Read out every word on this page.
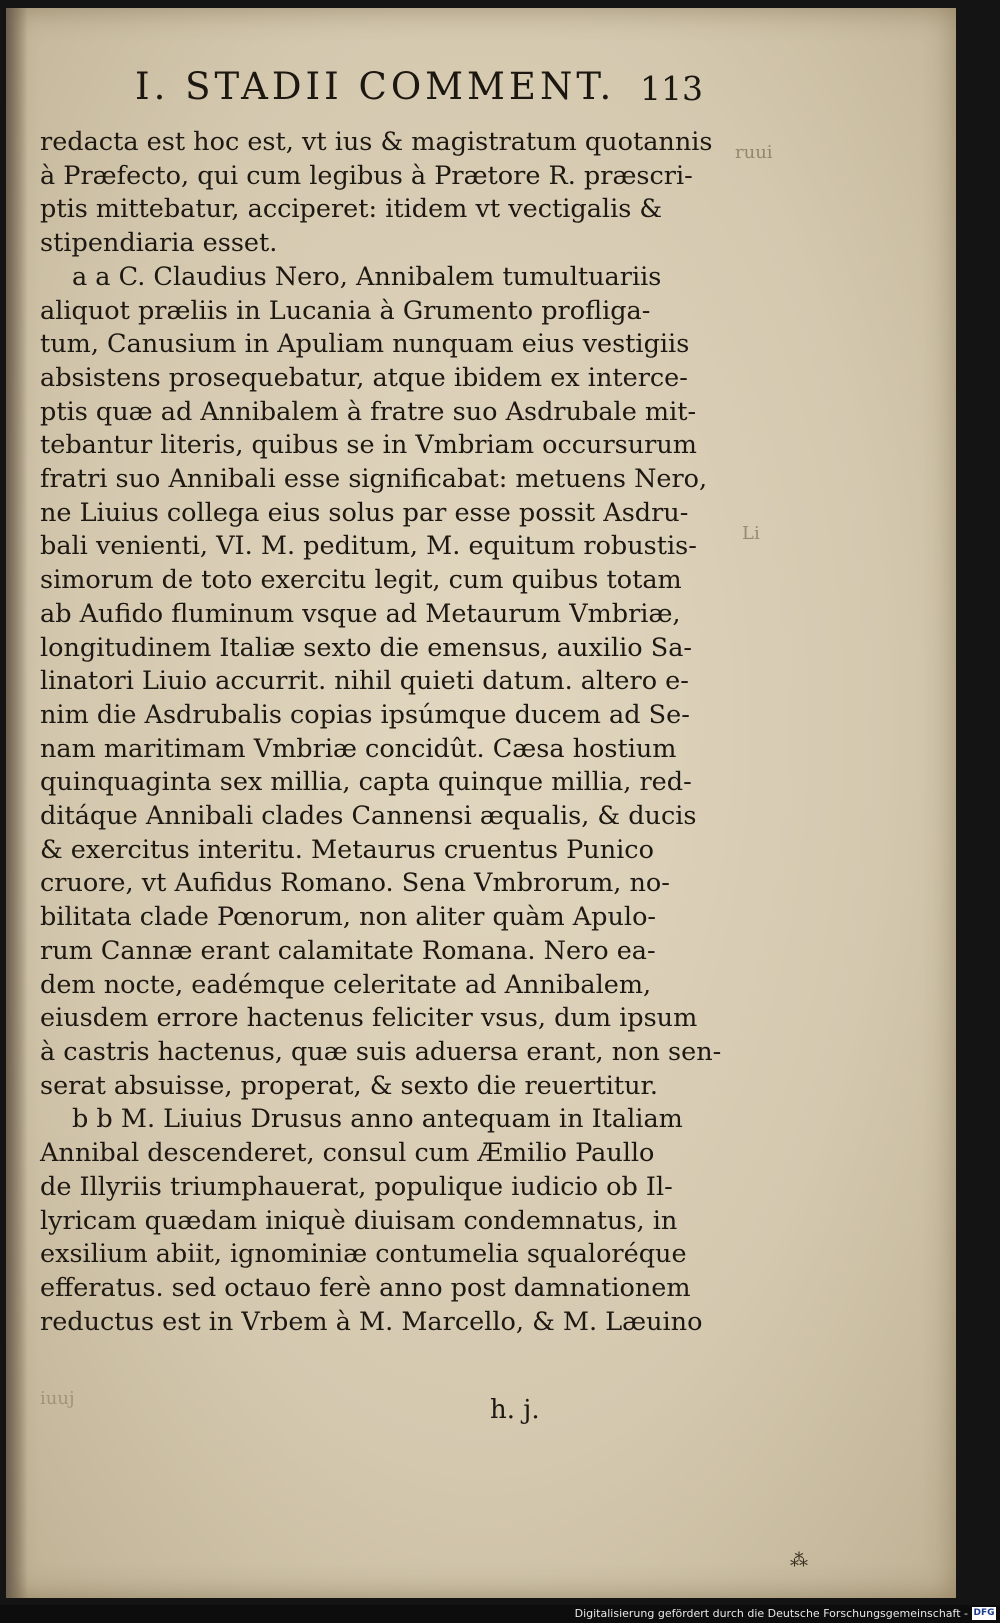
I. STADII COMMENT. 113
redacta est hoc est, vt ius & magistratum quotannis
à Præfecto, qui cum legibus à Prætore R. præscri-
ptis mittebatur, acciperet: itidem vt vectigalis &
stipendiaria esset.
a a C. Claudius Nero, Annibalem tumultuariis
aliquot præliis in Lucania à Grumento profliga-
tum, Canusium in Apuliam nunquam eius vestigiis
absistens prosequebatur, atque ibidem ex interce-
ptis quæ ad Annibalem à fratre suo Asdrubale mit-
tebantur literis, quibus se in Vmbriam occursurum
fratri suo Annibali esse significabat: metuens Nero,
ne Liuius collega eius solus par esse possit Asdru-
bali venienti, VI. M. peditum, M. equitum robustis-
simorum de toto exercitu legit, cum quibus totam
ab Aufido fluminum vsque ad Metaurum Vmbriæ,
longitudinem Italiæ sexto die emensus, auxilio Sa-
linatori Liuio accurrit. nihil quieti datum. altero e-
nim die Asdrubalis copias ipsúmque ducem ad Se-
nam maritimam Vmbriæ concidût. Cæsa hostium
quinquaginta sex millia, capta quinque millia, red-
ditáque Annibali clades Cannensi æqualis, & ducis
& exercitus interitu. Metaurus cruentus Punico
cruore, vt Aufidus Romano. Sena Vmbrorum, no-
bilitata clade Pœnorum, non aliter quàm Apulo-
rum Cannæ erant calamitate Romana. Nero ea-
dem nocte, eadémque celeritate ad Annibalem,
eiusdem errore hactenus feliciter vsus, dum ipsum
à castris hactenus, quæ suis aduersa erant, non sen-
serat absuisse, properat, & sexto die reuertitur.
b b M. Liuius Drusus anno antequam in Italiam
Annibal descenderet, consul cum Æmilio Paullo
de Illyriis triumphauerat, populique iudicio ob Il-
lyricam quædam iniquè diuisam condemnatus, in
exsilium abiit, ignominiæ contumelia squaloréque
efferatus. sed octauo ferè anno post damnationem
reductus est in Vrbem à M. Marcello, & M. Læuino
h. j.
ruui
Li
iuuj
⁂
Digitalisierung gefördert durch die Deutsche Forschungsgemeinschaft - DFG
